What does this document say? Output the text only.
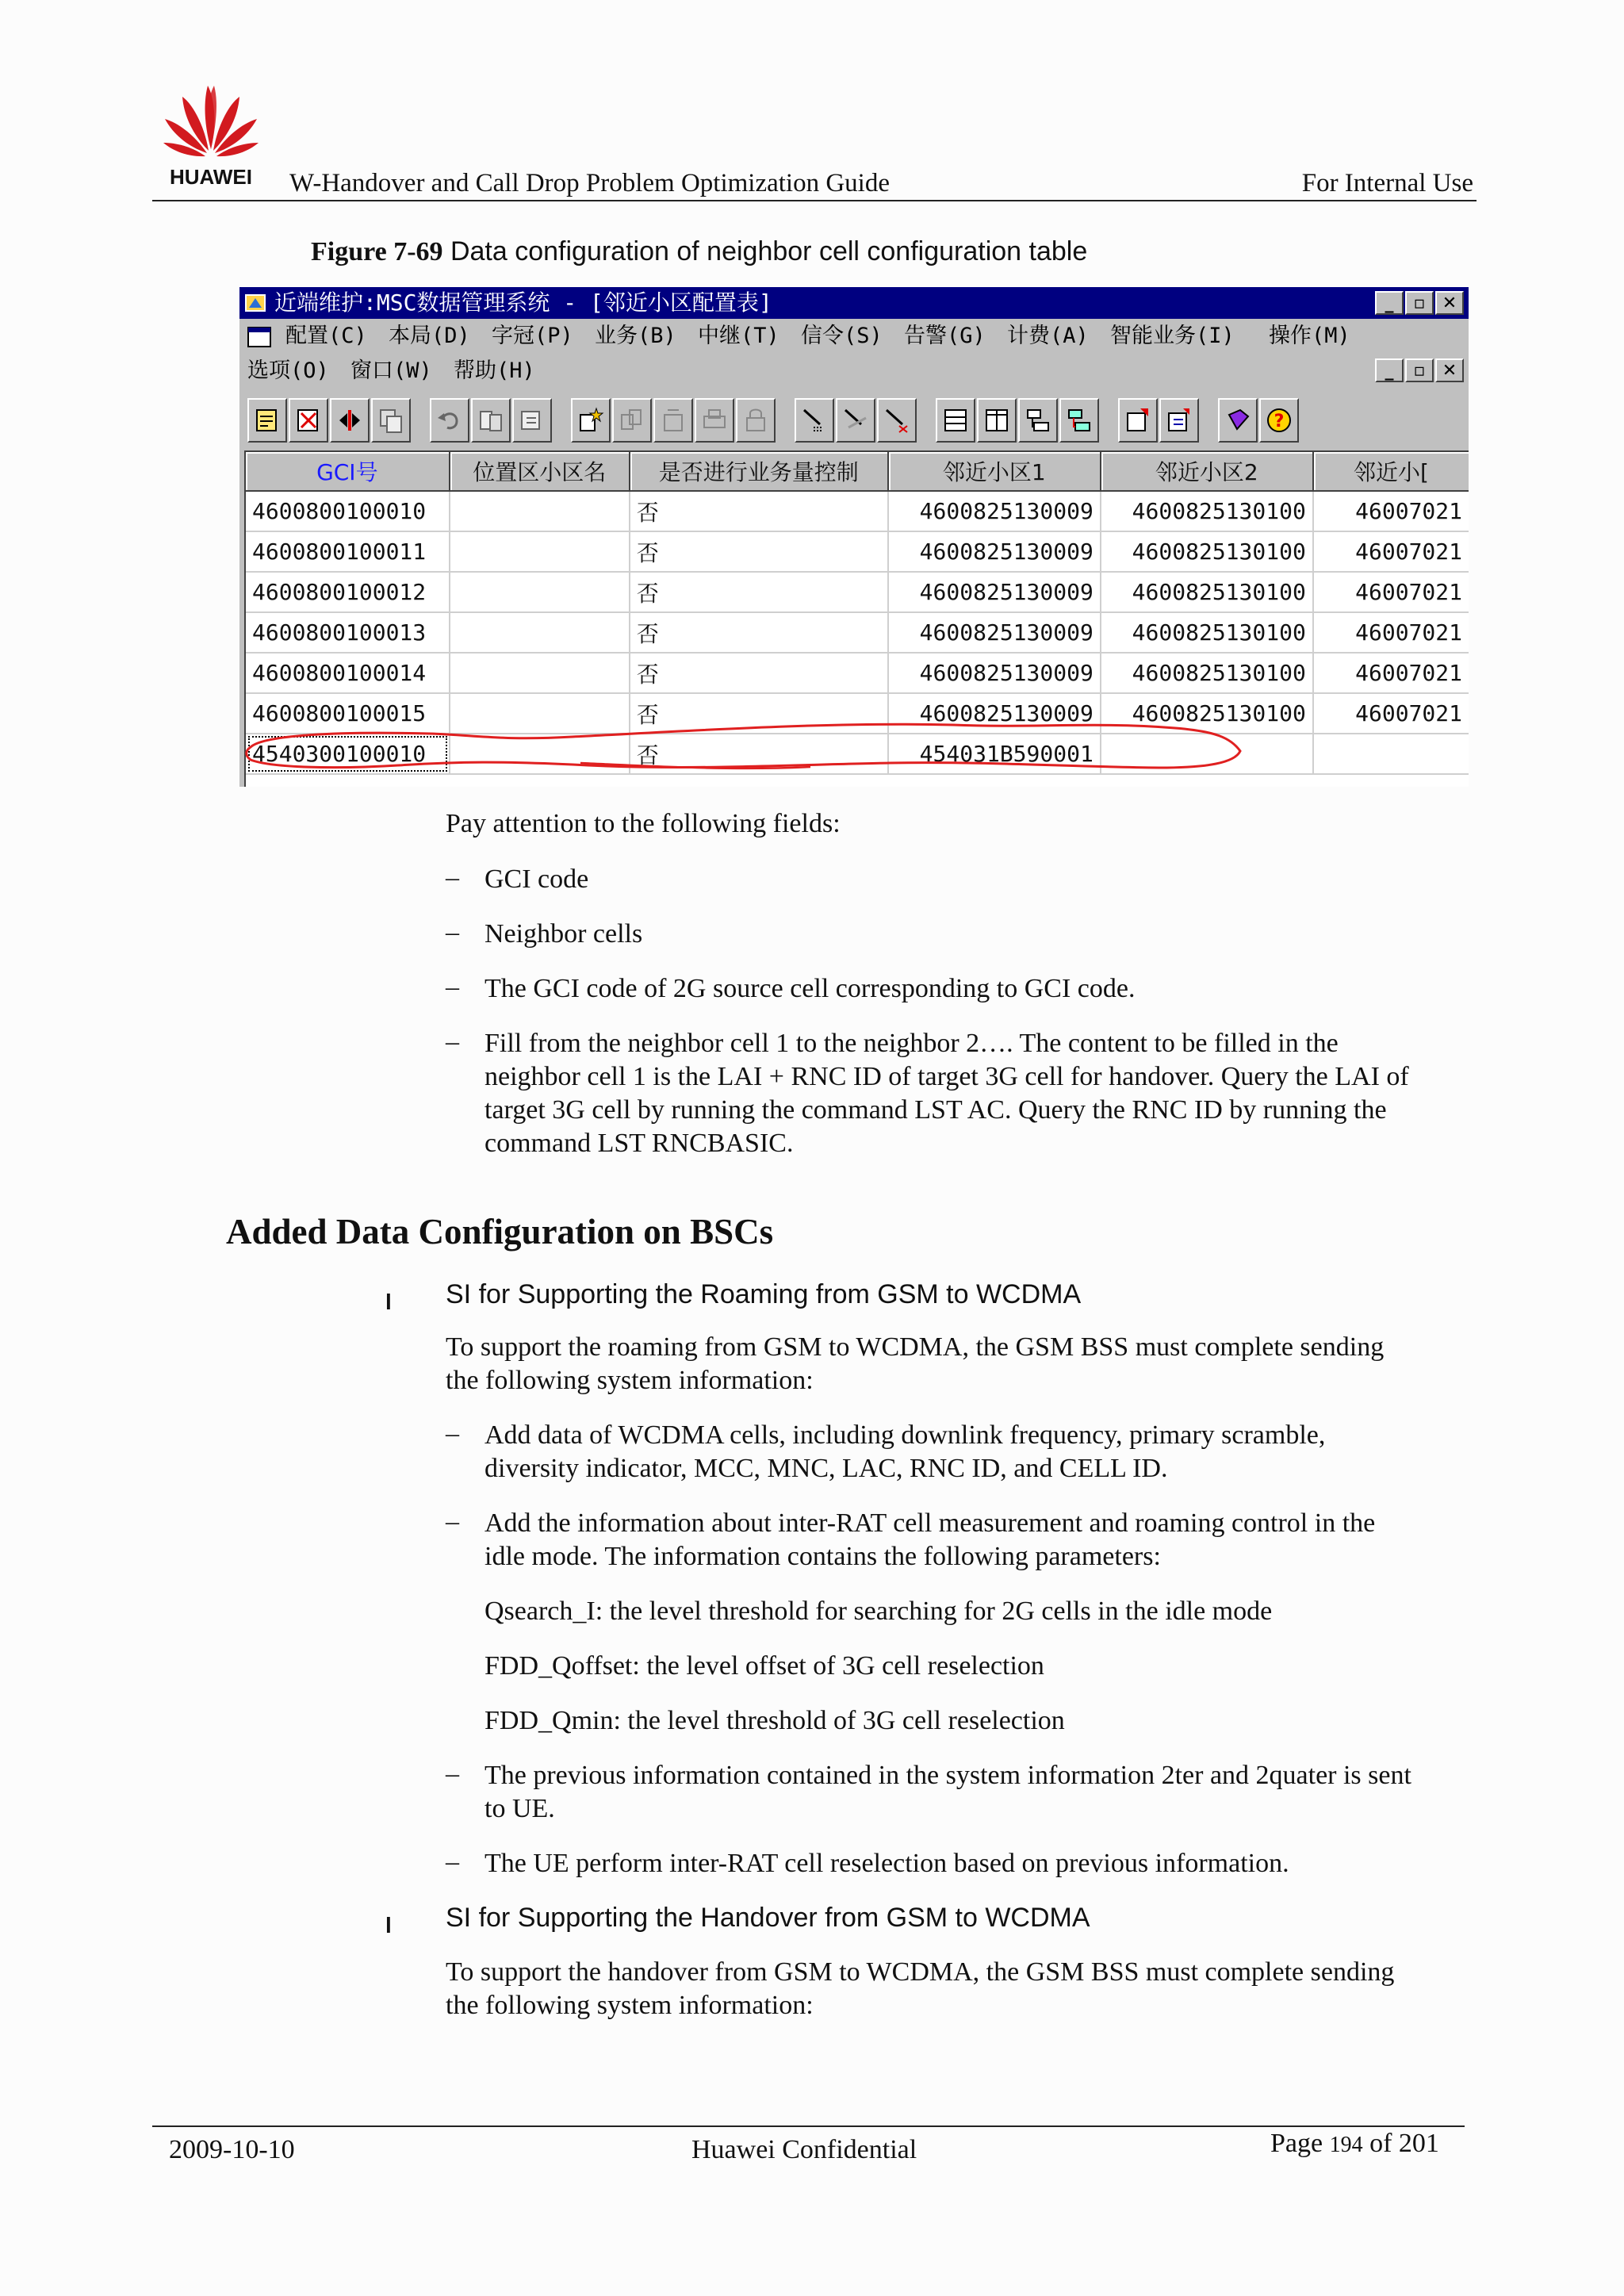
HUAWEI W-Handover and Call Drop Problem Optimization Guide	For Internal Use
Figure 7-69 Data configuration of neighbor cell configuration table
近端维护:MSC数据管理系统 - [邻近小区配置表]	_	▫ ✕
配置(C) 本局(D) 字冠(P) 业务(B) 中继(T) 信令(S) 告警(G) 计费(A) 智能业务(I) 操作(M)
选项(O) 窗口(W) 帮助(H)	_	▫ ✕
?
GCI号	位置区小区名	是否进行业务量控制	邻近小区1	邻近小区2	邻近小[
4600800100010		否	4600825130009	4600825130100	46007021
4600800100011		否	4600825130009	4600825130100	46007021
4600800100012		否	4600825130009	4600825130100	46007021
4600800100013		否	4600825130009	4600825130100	46007021
4600800100014		否	4600825130009	4600825130100	46007021
4600800100015		否	4600825130009	4600825130100	46007021
4540300100010		否	454031B590001		
Pay attention to the following fields:
– GCI code
– Neighbor cells
– The GCI code of 2G source cell corresponding to GCI code.
– Fill from the neighbor cell 1 to the neighbor 2…. The content to be filled in the
neighbor cell 1 is the LAI + RNC ID of target 3G cell for handover. Query the LAI of
target 3G cell by running the command LST AC. Query the RNC ID by running the
command LST RNCBASIC.
Added Data Configuration on BSCs
l SI for Supporting the Roaming from GSM to WCDMA
To support the roaming from GSM to WCDMA, the GSM BSS must complete sending
the following system information:
– Add data of WCDMA cells, including downlink frequency, primary scramble,
diversity indicator, MCC, MNC, LAC, RNC ID, and CELL ID.
– Add the information about inter-RAT cell measurement and roaming control in the
idle mode. The information contains the following parameters:
Qsearch_I: the level threshold for searching for 2G cells in the idle mode
FDD_Qoffset: the level offset of 3G cell reselection
FDD_Qmin: the level threshold of 3G cell reselection
– The previous information contained in the system information 2ter and 2quater is sent
to UE.
– The UE perform inter-RAT cell reselection based on previous information.
l SI for Supporting the Handover from GSM to WCDMA
To support the handover from GSM to WCDMA, the GSM BSS must complete sending
the following system information:
2009-10-10	Huawei Confidential	Page 194 of 201
